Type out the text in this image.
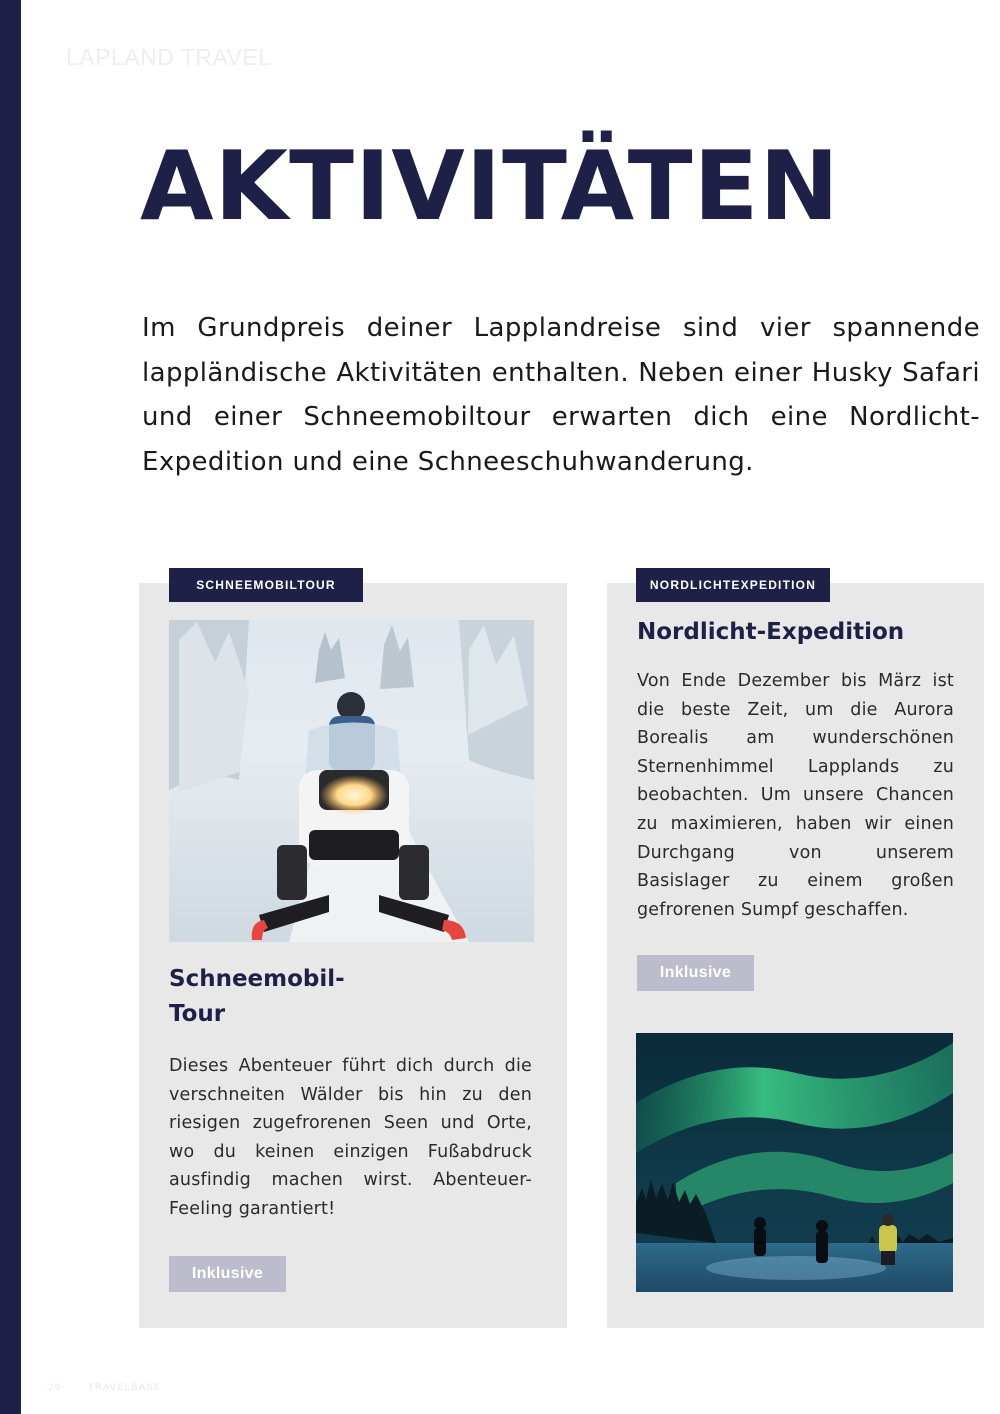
LAPLAND TRAVEL
AKTIVITÄTEN

Im Grundpreis deiner Lapplandreise sind vier spannende lappländische Aktivitäten enthalten. Neben einer Husky Safari und einer Schneemobiltour erwarten dich eine Nordlicht-Expedition und eine Schneeschuhwanderung.

SCHNEEMOBILTOUR
Schneemobil-
Tour

Dieses Abenteuer führt dich durch die verschneiten Wälder bis hin zu den riesigen zugefrorenen Seen und Orte, wo du keinen einzigen Fußabdruck ausfindig machen wirst. Abenteuer-Feeling garantiert!

Inklusive
NORDLICHTEXPEDITION
Nordlicht-Expedition

Von Ende Dezember bis März ist die beste Zeit, um die Aurora Borealis am wunderschönen Sternenhimmel Lapplands zu beobachten. Um unsere Chancen zu maximieren, haben wir einen Durchgang von unserem Basislager zu einem großen gefrorenen Sumpf geschaffen.

Inklusive
-29- TRAVELBASE
